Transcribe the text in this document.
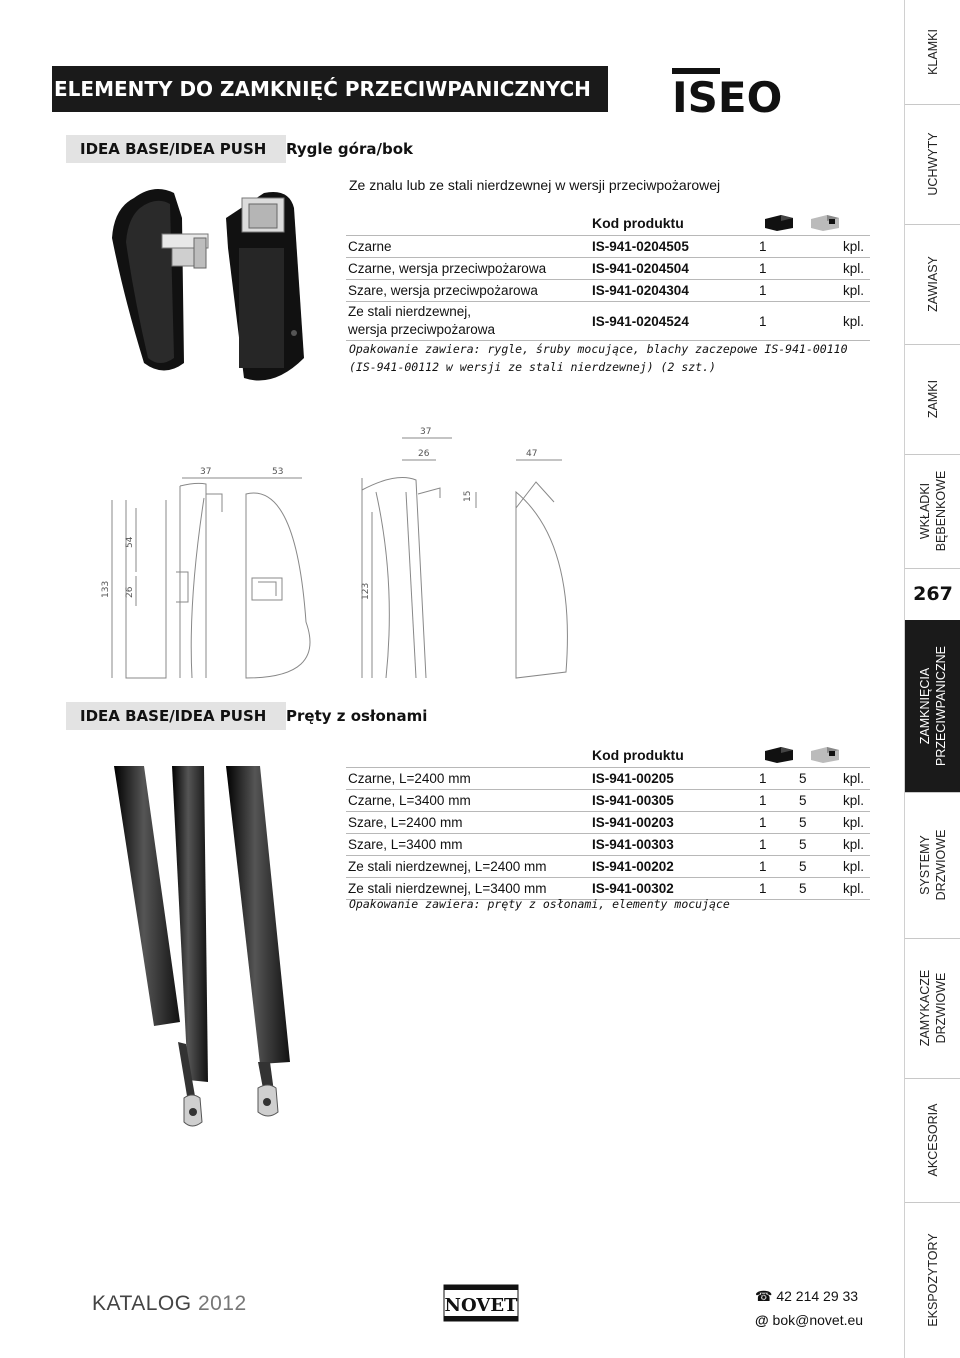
ELEMENTY DO ZAMKNIĘĆ PRZECIWPANICZNYCH	ISEO
IDEA BASE/IDEA PUSH	Rygle góra/bok
Ze znalu lub ze stali nierdzewnej w wersji przeciwpożarowej
	Kod produktu	
Czarne	IS-941-0204505	1	kpl.
Czarne, wersja przeciwpożarowa	IS-941-0204504	1	kpl.
Szare, wersja przeciwpożarowa	IS-941-0204304	1	kpl.

Ze stali nierdzewnej,
wersja przeciwpożarowa	IS-941-0204524	1	kpl.

Opakowanie zawiera: rygle, śruby mocujące, blachy zaczepowe IS-941-00110
(IS-941-00112 w wersji ze stali nierdzewnej) (2 szt.)
37	53
37
26	47
15
133 26
54
123
IDEA BASE/IDEA PUSH	Pręty z osłonami
	Kod produktu	
Czarne, L=2400 mm	IS-941-00205	1	5	kpl.
Czarne, L=3400 mm	IS-941-00305	1	5	kpl.
Szare, L=2400 mm	IS-941-00203	1	5	kpl.
Szare, L=3400 mm	IS-941-00303	1	5	kpl.
Ze stali nierdzewnej, L=2400 mm	IS-941-00202	1	5	kpl.
Ze stali nierdzewnej, L=3400 mm	IS-941-00302	1	5	kpl.

Opakowanie zawiera: pręty z osłonami, elementy mocujące
KLAMKI
UCHWYTY
ZAWIASY
ZAMKI
WKŁADKI BĘBENKOWE
267
ZAMKNIĘCIA PRZECIWPANICZNE
SYSTEMY DRZWIOWE
ZAMYKACZE DRZWIOWE
AKCESORIA
EKSPOZYTORY
KATALOG 2012	NOVET	☎ 42 214 29 33
@ bok@novet.eu
